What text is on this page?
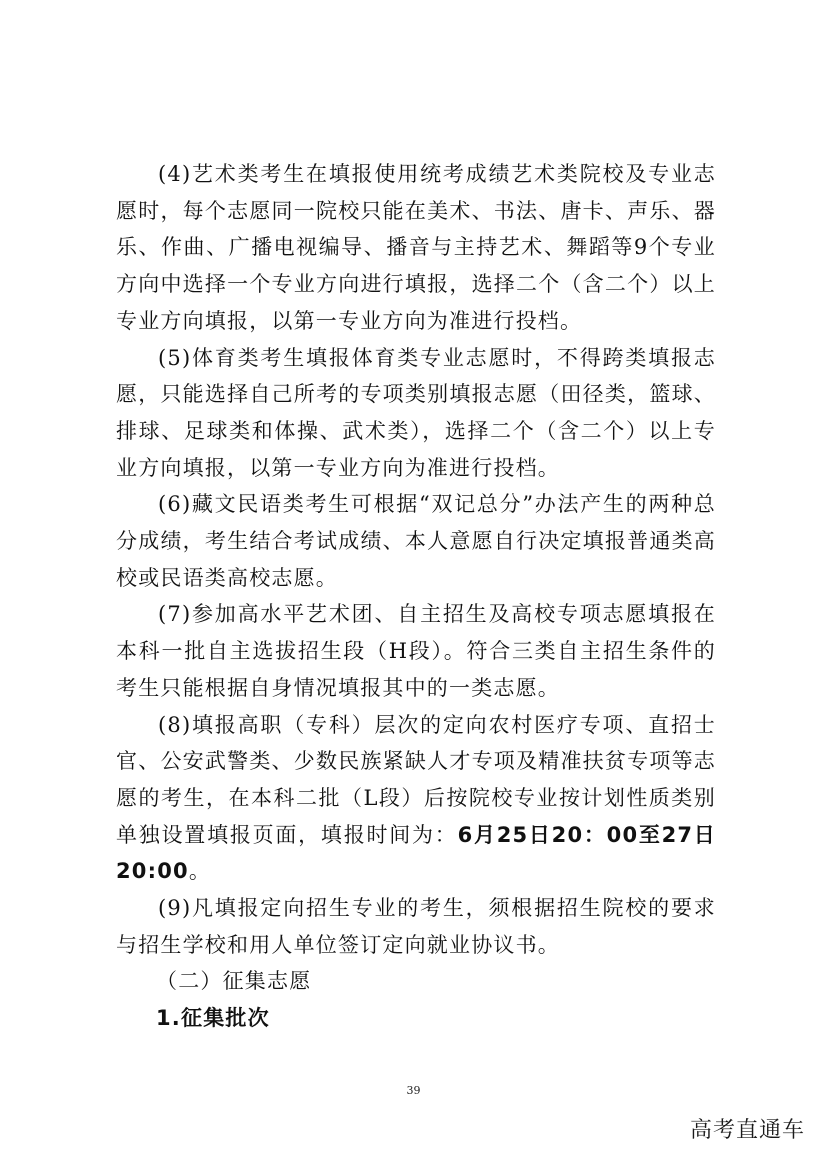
(4)艺术类考生在填报使用统考成绩艺术类院校及专业志愿时，每个志愿同一院校只能在美术、书法、唐卡、声乐、器乐、作曲、广播电视编导、播音与主持艺术、舞蹈等9个专业方向中选择一个专业方向进行填报，选择二个（含二个）以上专业方向填报，以第一专业方向为准进行投档。

(5)体育类考生填报体育类专业志愿时，不得跨类填报志愿，只能选择自己所考的专项类别填报志愿（田径类，篮球、排球、足球类和体操、武术类），选择二个（含二个）以上专业方向填报，以第一专业方向为准进行投档。

(6)藏文民语类考生可根据“双记总分”办法产生的两种总分成绩，考生结合考试成绩、本人意愿自行决定填报普通类高校或民语类高校志愿。

(7)参加高水平艺术团、自主招生及高校专项志愿填报在本科一批自主选拔招生段（H段）。符合三类自主招生条件的考生只能根据自身情况填报其中的一类志愿。

(8)填报高职（专科）层次的定向农村医疗专项、直招士官、公安武警类、少数民族紧缺人才专项及精准扶贫专项等志愿的考生，在本科二批（L段）后按院校专业按计划性质类别单独设置填报页面，填报时间为：6月25日20：00至27日20:00。

(9)凡填报定向招生专业的考生，须根据招生院校的要求与招生学校和用人单位签订定向就业协议书。

（二）征集志愿

1.征集批次

39
高考直通车
